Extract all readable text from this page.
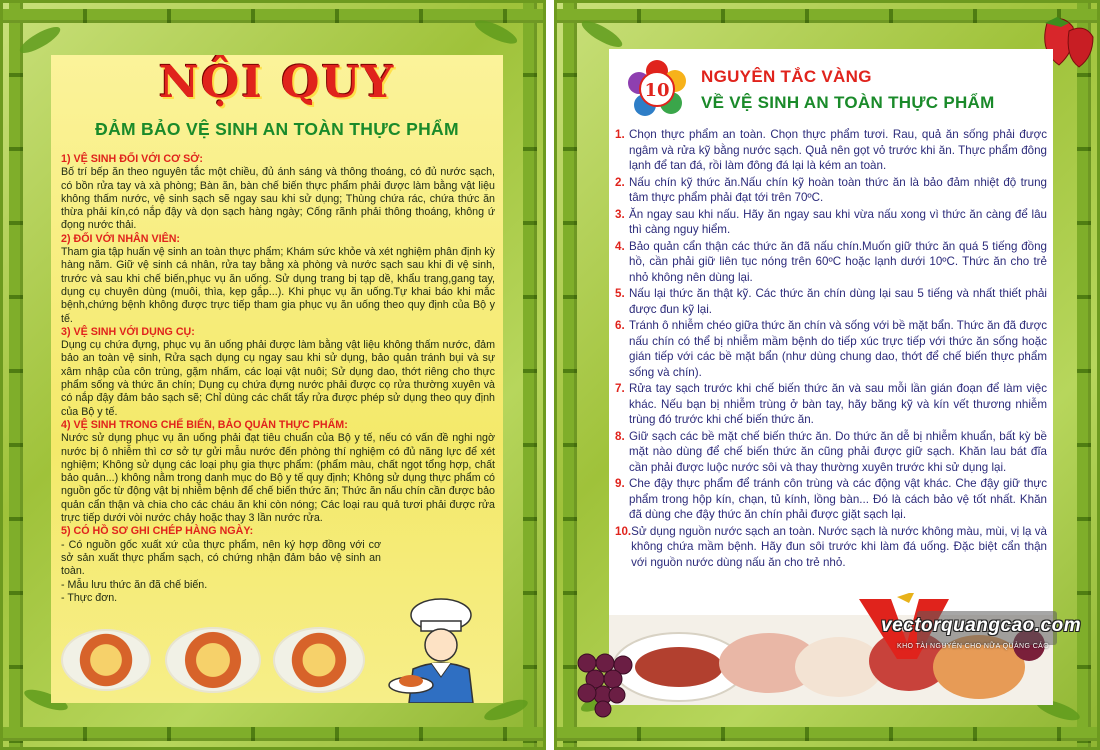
NỘI QUY
ĐẢM BẢO VỆ SINH AN TOÀN THỰC PHẨM
1) VỆ SINH ĐỐI VỚI CƠ SỞ:
Bố trí bếp ăn theo nguyên tắc một chiều, đủ ánh sáng và thông thoáng, có đủ nước sạch, có bồn rửa tay và xà phòng; Bàn ăn, bàn chế biến thực phẩm phải được làm bằng vật liệu không thấm nước, vệ sinh sạch sẽ ngay sau khi sử dụng; Thùng chứa rác, chứa thức ăn thừa phải kín,có nắp đậy và dọn sạch hàng ngày; Cống rãnh phải thông thoáng, không ứ đọng nước thải.
2) ĐỐI VỚI NHÂN VIÊN:
Tham gia tập huấn vệ sinh an toàn thực phẩm; Khám sức khỏe và xét nghiệm phân định kỳ hàng năm. Giữ vệ sinh cá nhân, rửa tay bằng xà phòng và nước sạch sau khi đi vệ sinh, trước và sau khi chế biến,phục vụ ăn uống. Sử dụng trang bị tạp dề, khẩu trang,gang tay, dụng cụ chuyên dùng (muôi, thìa, kẹp gắp...). Khi phục vụ ăn uống.Tự khai báo khi mắc bệnh,chứng bệnh không được trực tiếp tham gia phục vụ ăn uống theo quy định của Bộ y tế.
3) VỆ SINH VỚI DỤNG CỤ:
Dụng cụ chứa đựng, phục vụ ăn uống phải được làm bằng vật liệu không thấm nước, đảm bảo an toàn vệ sinh, Rửa sạch dụng cụ ngay sau khi sử dụng, bảo quản tránh bụi và sự xâm nhập của côn trùng, gặm nhấm, các loại vật nuôi; Sử dụng dao, thớt riêng cho thực phẩm sống và thức ăn chín; Dụng cụ chứa đựng nước phải được cọ rửa thường xuyên và có nắp đậy đảm bảo sạch sẽ; Chỉ dùng các chất tẩy rửa được phép sử dụng theo quy định của Bộ y tế.
4) VỆ SINH TRONG CHẾ BIẾN, BẢO QUẢN THỰC PHẨM:
Nước sử dụng phục vụ ăn uống phải đạt tiêu chuẩn của Bộ y tế, nếu có vấn đề nghi ngờ nước bị ô nhiễm thì cơ sở tự gửi mẫu nước đến phòng thí nghiệm có đủ năng lực để xét nghiệm; Không sử dụng các loại phụ gia thực phẩm: (phẩm màu, chất ngọt tổng hợp, chất bảo quản...) không nằm trong danh mục do Bộ y tế quy định; Không sử dụng thực phẩm có nguồn gốc từ động vật bị nhiễm bệnh để chế biến thức ăn; Thức ăn nấu chín cần được bảo quản cẩn thận và chia cho các cháu ăn khi còn nóng; Các loại rau quả tươi phải được rửa trực tiếp dưới vòi nước chảy hoặc thay 3 lần nước rửa.
5) CÓ HỒ SƠ GHI CHÉP HÀNG NGÀY:
- Có nguồn gốc xuất xứ của thực phẩm, nên ký hợp đồng với cơ sở sản xuất thực phẩm sạch, có chứng nhận đảm bảo vệ sinh an toàn.
- Mẫu lưu thức ăn đã chế biến.
- Thực đơn.
10
NGUYÊN TẮC VÀNG
VỀ VỆ SINH AN TOÀN THỰC PHẨM
1. Chọn thực phẩm an toàn. Chọn thực phẩm tươi. Rau, quả ăn sống phải được ngâm và rửa kỹ bằng nước sạch. Quả nên gọt vỏ trước khi ăn. Thực phẩm đông lạnh để tan đá, rồi làm đông đá lại là kém an toàn.
2. Nấu chín kỹ thức ăn.Nấu chín kỹ hoàn toàn thức ăn là bảo đảm nhiệt độ trung tâm thực phẩm phải đạt tới trên 70ºC.
3. Ăn ngay sau khi nấu. Hãy ăn ngay sau khi vừa nấu xong vì thức ăn càng để lâu thì càng nguy hiểm.
4. Bảo quản cẩn thận các thức ăn đã nấu chín.Muốn giữ thức ăn quá 5 tiếng đồng hồ, cần phải giữ liên tục nóng trên 60ºC hoặc lạnh dưới 10ºC. Thức ăn cho trẻ nhỏ không nên dùng lại.
5. Nấu lại thức ăn thật kỹ. Các thức ăn chín dùng lại sau 5 tiếng và nhất thiết phải được đun kỹ lại.
6. Tránh ô nhiễm chéo giữa thức ăn chín và sống với bề mặt bẩn. Thức ăn đã được nấu chín có thể bị nhiễm mầm bệnh do tiếp xúc trực tiếp với thức ăn sống hoặc gián tiếp với các bề mặt bẩn (như dùng chung dao, thớt để chế biến thực phẩm sống và chín).
7. Rửa tay sạch trước khi chế biến thức ăn và sau mỗi lần gián đoạn để làm việc khác. Nếu bạn bị nhiễm trùng ở bàn tay, hãy băng kỹ và kín vết thương nhiễm trùng đó trước khi chế biến thức ăn.
8. Giữ sạch các bề mặt chế biến thức ăn. Do thức ăn dễ bị nhiễm khuẩn, bất kỳ bề mặt nào dùng để chế biến thức ăn cũng phải được giữ sạch. Khăn lau bát đĩa cần phải được luộc nước sôi và thay thường xuyên trước khi sử dụng lại.
9. Che đậy thực phẩm để tránh côn trùng và các động vật khác. Che đậy giữ thực phẩm trong hộp kín, chạn, tủ kính, lồng bàn... Đó là cách bảo vệ tốt nhất. Khăn đã dùng che đậy thức ăn chín phải được giặt sạch lại.
10. Sử dụng nguồn nước sạch an toàn. Nước sạch là nước không màu, mùi, vị lạ và không chứa mầm bệnh. Hãy đun sôi trước khi làm đá uống. Đặc biệt cẩn thận với nguồn nước dùng nấu ăn cho trẻ nhỏ.
vectorquangcao.com
KHO TÀI NGUYÊN CHO NỮA QUẢNG CÁO
